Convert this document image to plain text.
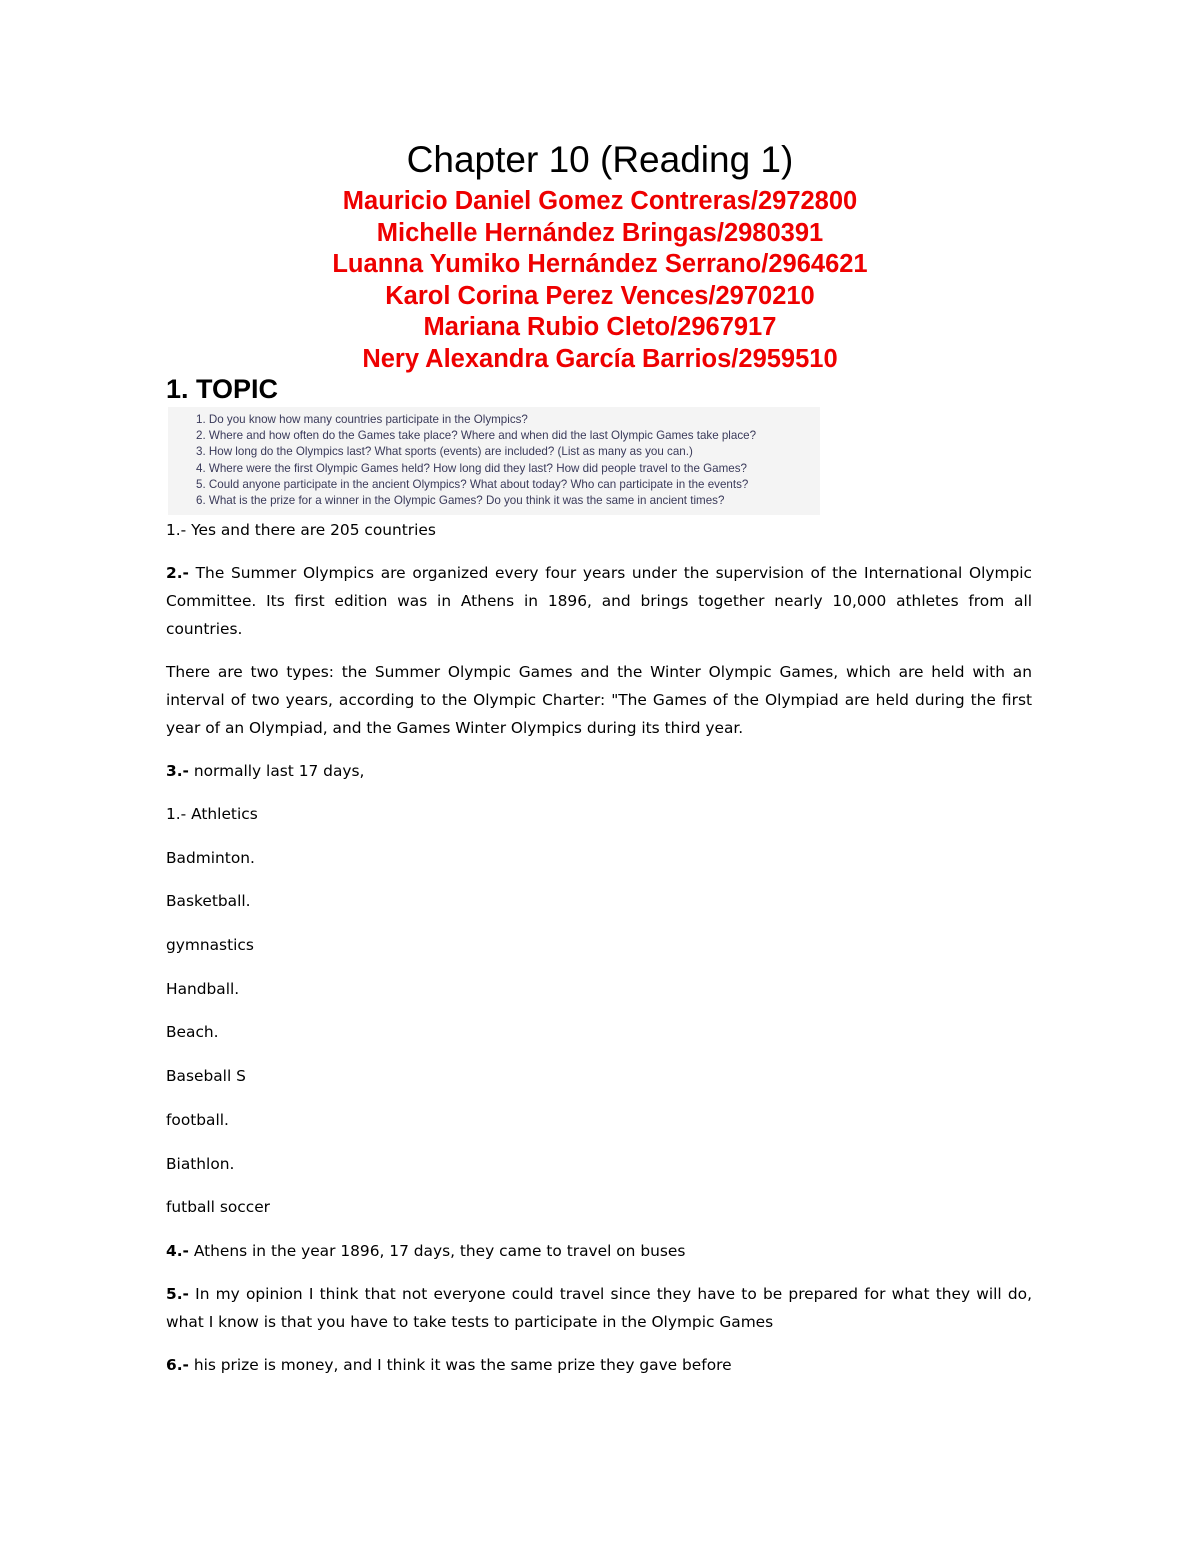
Chapter 10 (Reading 1)
Mauricio Daniel Gomez Contreras/2972800
Michelle Hernández Bringas/2980391
Luanna Yumiko Hernández Serrano/2964621
Karol Corina Perez Vences/2970210
Mariana Rubio Cleto/2967917
Nery Alexandra García Barrios/2959510
1. TOPIC
1. Do you know how many countries participate in the Olympics?
2. Where and how often do the Games take place? Where and when did the last Olympic Games take place?
3. How long do the Olympics last? What sports (events) are included? (List as many as you can.)
4. Where were the first Olympic Games held? How long did they last? How did people travel to the Games?
5. Could anyone participate in the ancient Olympics? What about today? Who can participate in the events?
6. What is the prize for a winner in the Olympic Games? Do you think it was the same in ancient times?

1.- Yes and there are 205 countries

2.- The Summer Olympics are organized every four years under the supervision of the International Olympic Committee. Its first edition was in Athens in 1896, and brings together nearly 10,000 athletes from all countries.

There are two types: the Summer Olympic Games and the Winter Olympic Games, which are held with an interval of two years, according to the Olympic Charter: "The Games of the Olympiad are held during the first year of an Olympiad, and the Games Winter Olympics during its third year.

3.- normally last 17 days,

1.- Athletics

Badminton.

Basketball.

gymnastics

Handball.

Beach.

Baseball S

football.

Biathlon.

futball soccer

4.- Athens in the year 1896, 17 days, they came to travel on buses

5.- In my opinion I think that not everyone could travel since they have to be prepared for what they will do, what I know is that you have to take tests to participate in the Olympic Games

6.- his prize is money, and I think it was the same prize they gave before
